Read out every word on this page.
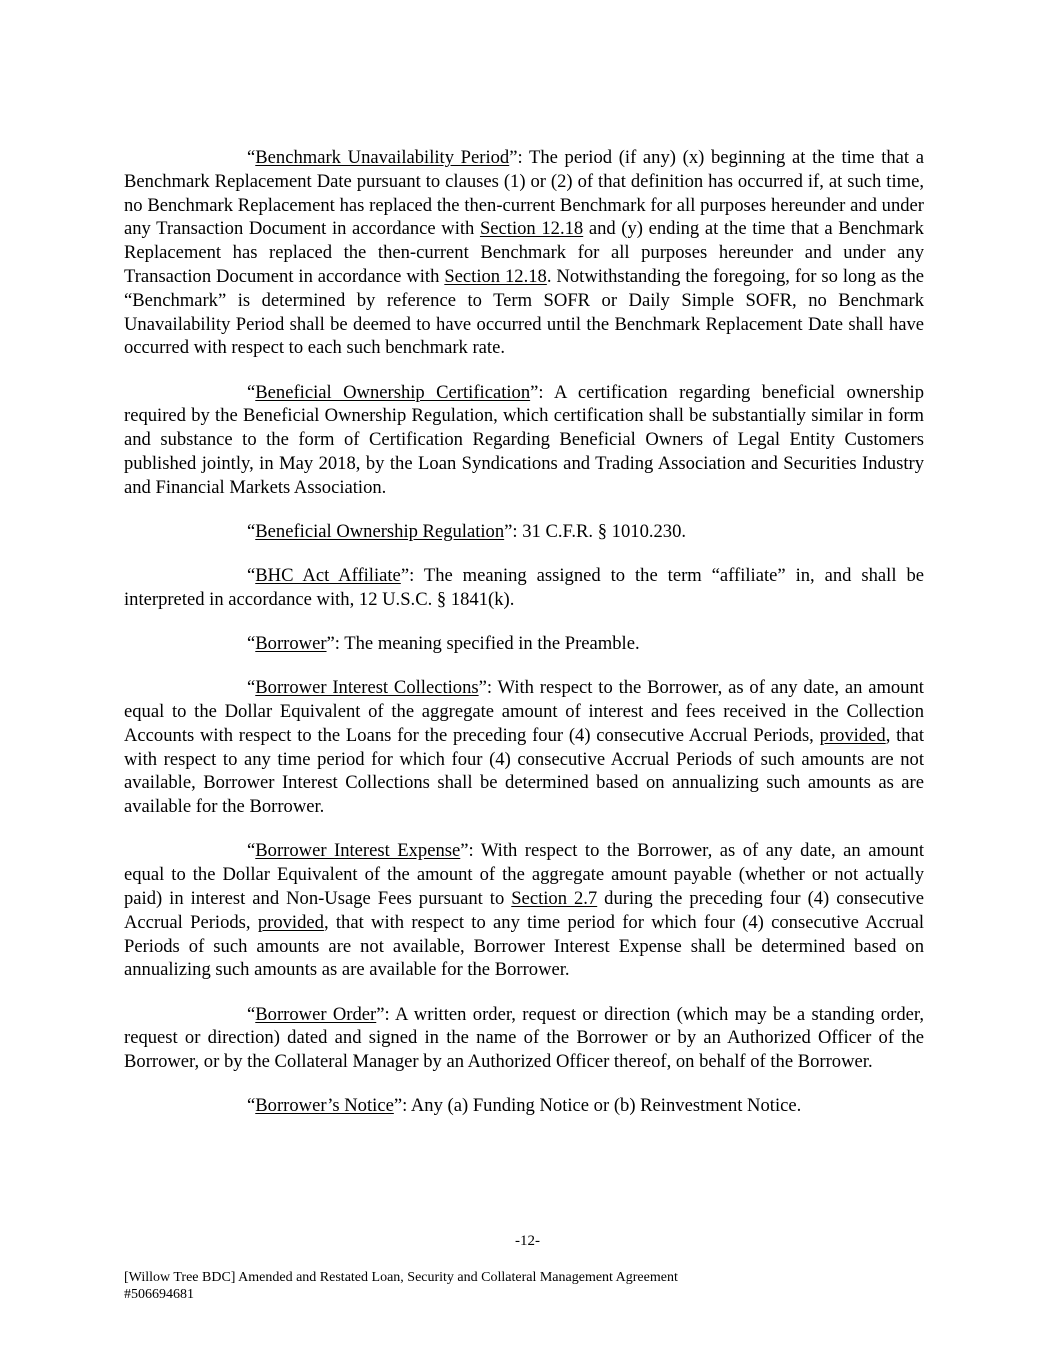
“Benchmark Unavailability Period”: The period (if any) (x) beginning at the time that a Benchmark Replacement Date pursuant to clauses (1) or (2) of that definition has occurred if, at such time, no Benchmark Replacement has replaced the then-current Benchmark for all purposes hereunder and under any Transaction Document in accordance with Section 12.18 and (y) ending at the time that a Benchmark Replacement has replaced the then-current Benchmark for all purposes hereunder and under any Transaction Document in accordance with Section 12.18. Notwithstanding the foregoing, for so long as the “Benchmark” is determined by reference to Term SOFR or Daily Simple SOFR, no Benchmark Unavailability Period shall be deemed to have occurred until the Benchmark Replacement Date shall have occurred with respect to each such benchmark rate.

“Beneficial Ownership Certification”: A certification regarding beneficial ownership required by the Beneficial Ownership Regulation, which certification shall be substantially similar in form and substance to the form of Certification Regarding Beneficial Owners of Legal Entity Customers published jointly, in May 2018, by the Loan Syndications and Trading Association and Securities Industry and Financial Markets Association.

“Beneficial Ownership Regulation”: 31 C.F.R. § 1010.230.

“BHC Act Affiliate”: The meaning assigned to the term “affiliate” in, and shall be interpreted in accordance with, 12 U.S.C. § 1841(k).

“Borrower”: The meaning specified in the Preamble.

“Borrower Interest Collections”: With respect to the Borrower, as of any date, an amount equal to the Dollar Equivalent of the aggregate amount of interest and fees received in the Collection Accounts with respect to the Loans for the preceding four (4) consecutive Accrual Periods, provided, that with respect to any time period for which four (4) consecutive Accrual Periods of such amounts are not available, Borrower Interest Collections shall be determined based on annualizing such amounts as are available for the Borrower.

“Borrower Interest Expense”: With respect to the Borrower, as of any date, an amount equal to the Dollar Equivalent of the amount of the aggregate amount payable (whether or not actually paid) in interest and Non-Usage Fees pursuant to Section 2.7 during the preceding four (4) consecutive Accrual Periods, provided, that with respect to any time period for which four (4) consecutive Accrual Periods of such amounts are not available, Borrower Interest Expense shall be determined based on annualizing such amounts as are available for the Borrower.

“Borrower Order”: A written order, request or direction (which may be a standing order, request or direction) dated and signed in the name of the Borrower or by an Authorized Officer of the Borrower, or by the Collateral Manager by an Authorized Officer thereof, on behalf of the Borrower.

“Borrower’s Notice”: Any (a) Funding Notice or (b) Reinvestment Notice.

-12-
[Willow Tree BDC] Amended and Restated Loan, Security and Collateral Management Agreement
#506694681
